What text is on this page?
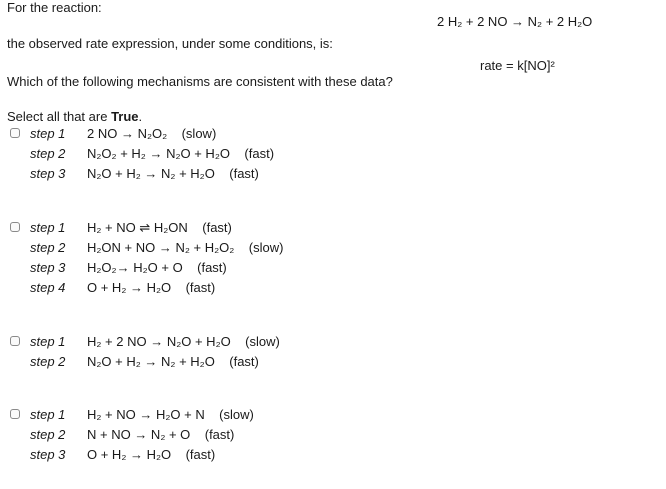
For the reaction:
2 H₂ + 2 NO → N₂ + 2 H₂O
the observed rate expression, under some conditions, is:
rate = k[NO]²
Which of the following mechanisms are consistent with these data?
Select all that are True.
step 1 2 NO → N₂O₂    (slow)
step 2 N₂O₂ + H₂ → N₂O + H₂O    (fast)
step 3 N₂O + H₂ → N₂ + H₂O    (fast)
step 1 H₂ + NO ⇌ H₂ON    (fast)
step 2 H₂ON + NO → N₂ + H₂O₂    (slow)
step 3 H₂O₂→ H₂O + O    (fast)
step 4 O + H₂ → H₂O    (fast)
step 1 H₂ + 2 NO → N₂O + H₂O    (slow)
step 2 N₂O + H₂ → N₂ + H₂O    (fast)
step 1 H₂ + NO → H₂O + N    (slow)
step 2 N + NO → N₂ + O    (fast)
step 3 O + H₂ → H₂O    (fast)
